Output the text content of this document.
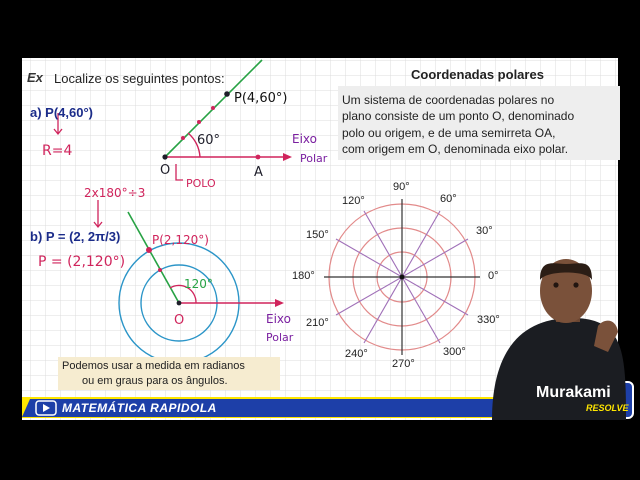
Ex Localize os seguintes pontos:
a) P(4,60°)
b) P = (2, 2π/3)
P(4,60°)
60°
R=4
O	A
Eixo
Polar
POLO
2x180°÷3
P = (2,120°)
P(2,120°)
120°
O	Eixo
Polar
Podemos usar a medida em radianos
ou em graus para os ângulos.
Coordenadas polares
Um sistema de coordenadas polares no
plano consiste de um ponto O, denominado
polo ou origem, e de uma semirreta OA,
com origem em O, denominada eixo polar.
0°
30°
60°
90°
120°
150°
180°
210°
240°
270°
300°
330°
MATEMÁTICA RAPIDOLA
Murakami
RESOLVE
